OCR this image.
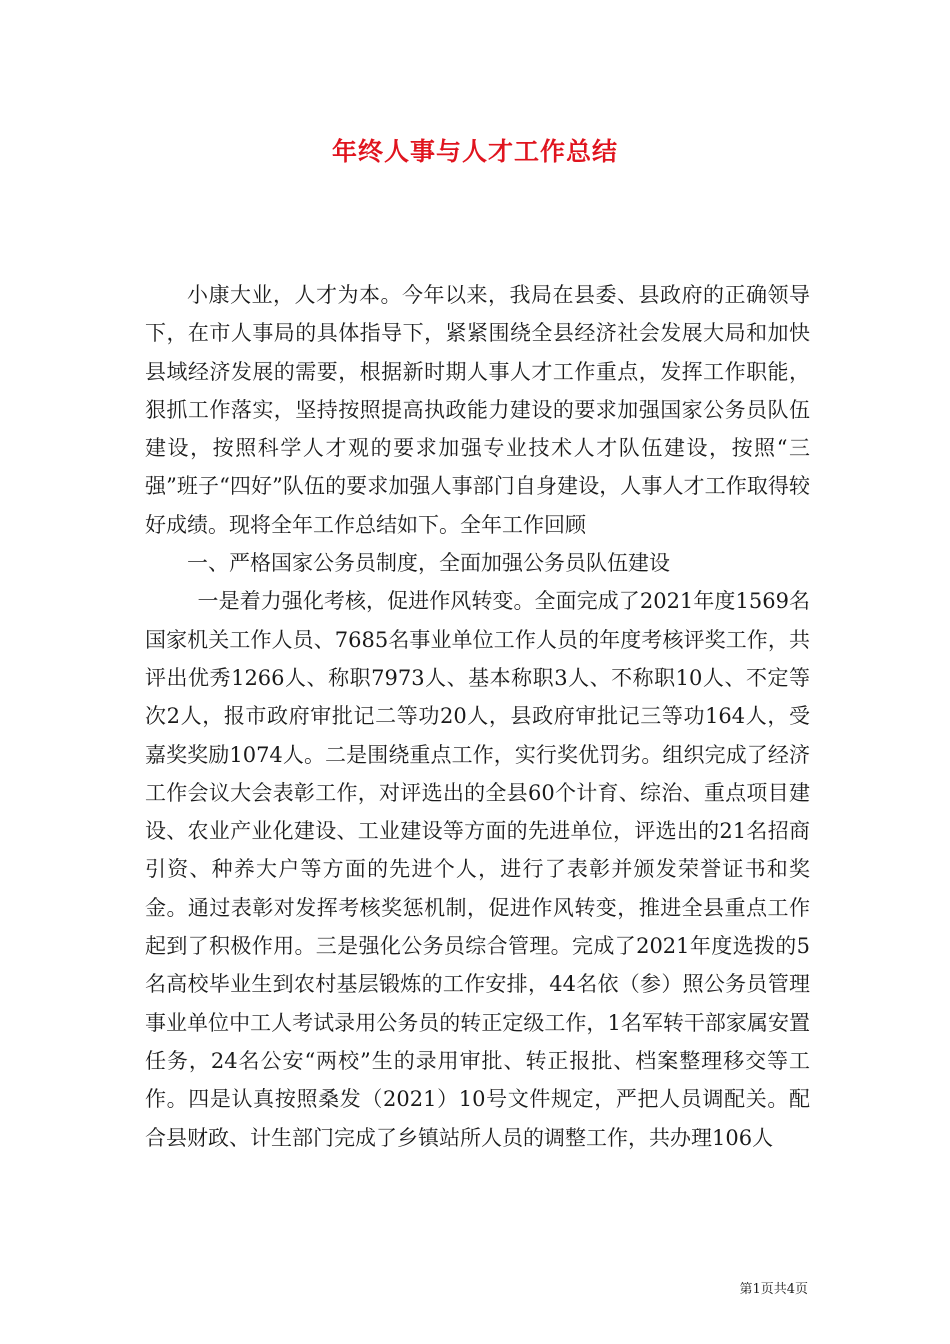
年终人事与人才工作总结

小康大业，人才为本。今年以来，我局在县委、县政府的正确领导下，在市人事局的具体指导下，紧紧围绕全县经济社会发展大局和加快县域经济发展的需要，根据新时期人事人才工作重点，发挥工作职能，狠抓工作落实，坚持按照提高执政能力建设的要求加强国家公务员队伍建设，按照科学人才观的要求加强专业技术人才队伍建设，按照“三强”班子“四好”队伍的要求加强人事部门自身建设，人事人才工作取得较好成绩。现将全年工作总结如下。全年工作回顾

一、严格国家公务员制度，全面加强公务员队伍建设

一是着力强化考核，促进作风转变。全面完成了2021年度1569名国家机关工作人员、7685名事业单位工作人员的年度考核评奖工作，共评出优秀1266人、称职7973人、基本称职3人、不称职10人、不定等次2人，报市政府审批记二等功20人，县政府审批记三等功164人，受嘉奖奖励1074人。二是围绕重点工作，实行奖优罚劣。组织完成了经济工作会议大会表彰工作，对评选出的全县60个计育、综治、重点项目建设、农业产业化建设、工业建设等方面的先进单位，评选出的21名招商引资、种养大户等方面的先进个人，进行了表彰并颁发荣誉证书和奖金。通过表彰对发挥考核奖惩机制，促进作风转变，推进全县重点工作起到了积极作用。三是强化公务员综合管理。完成了2021年度选拨的5名高校毕业生到农村基层锻炼的工作安排，44名依（参）照公务员管理事业单位中工人考试录用公务员的转正定级工作，1名军转干部家属安置任务，24名公安“两校”生的录用审批、转正报批、档案整理移交等工作。四是认真按照桑发（2021）10号文件规定，严把人员调配关。配合县财政、计生部门完成了乡镇站所人员的调整工作，共办理106人

第1页共4页
